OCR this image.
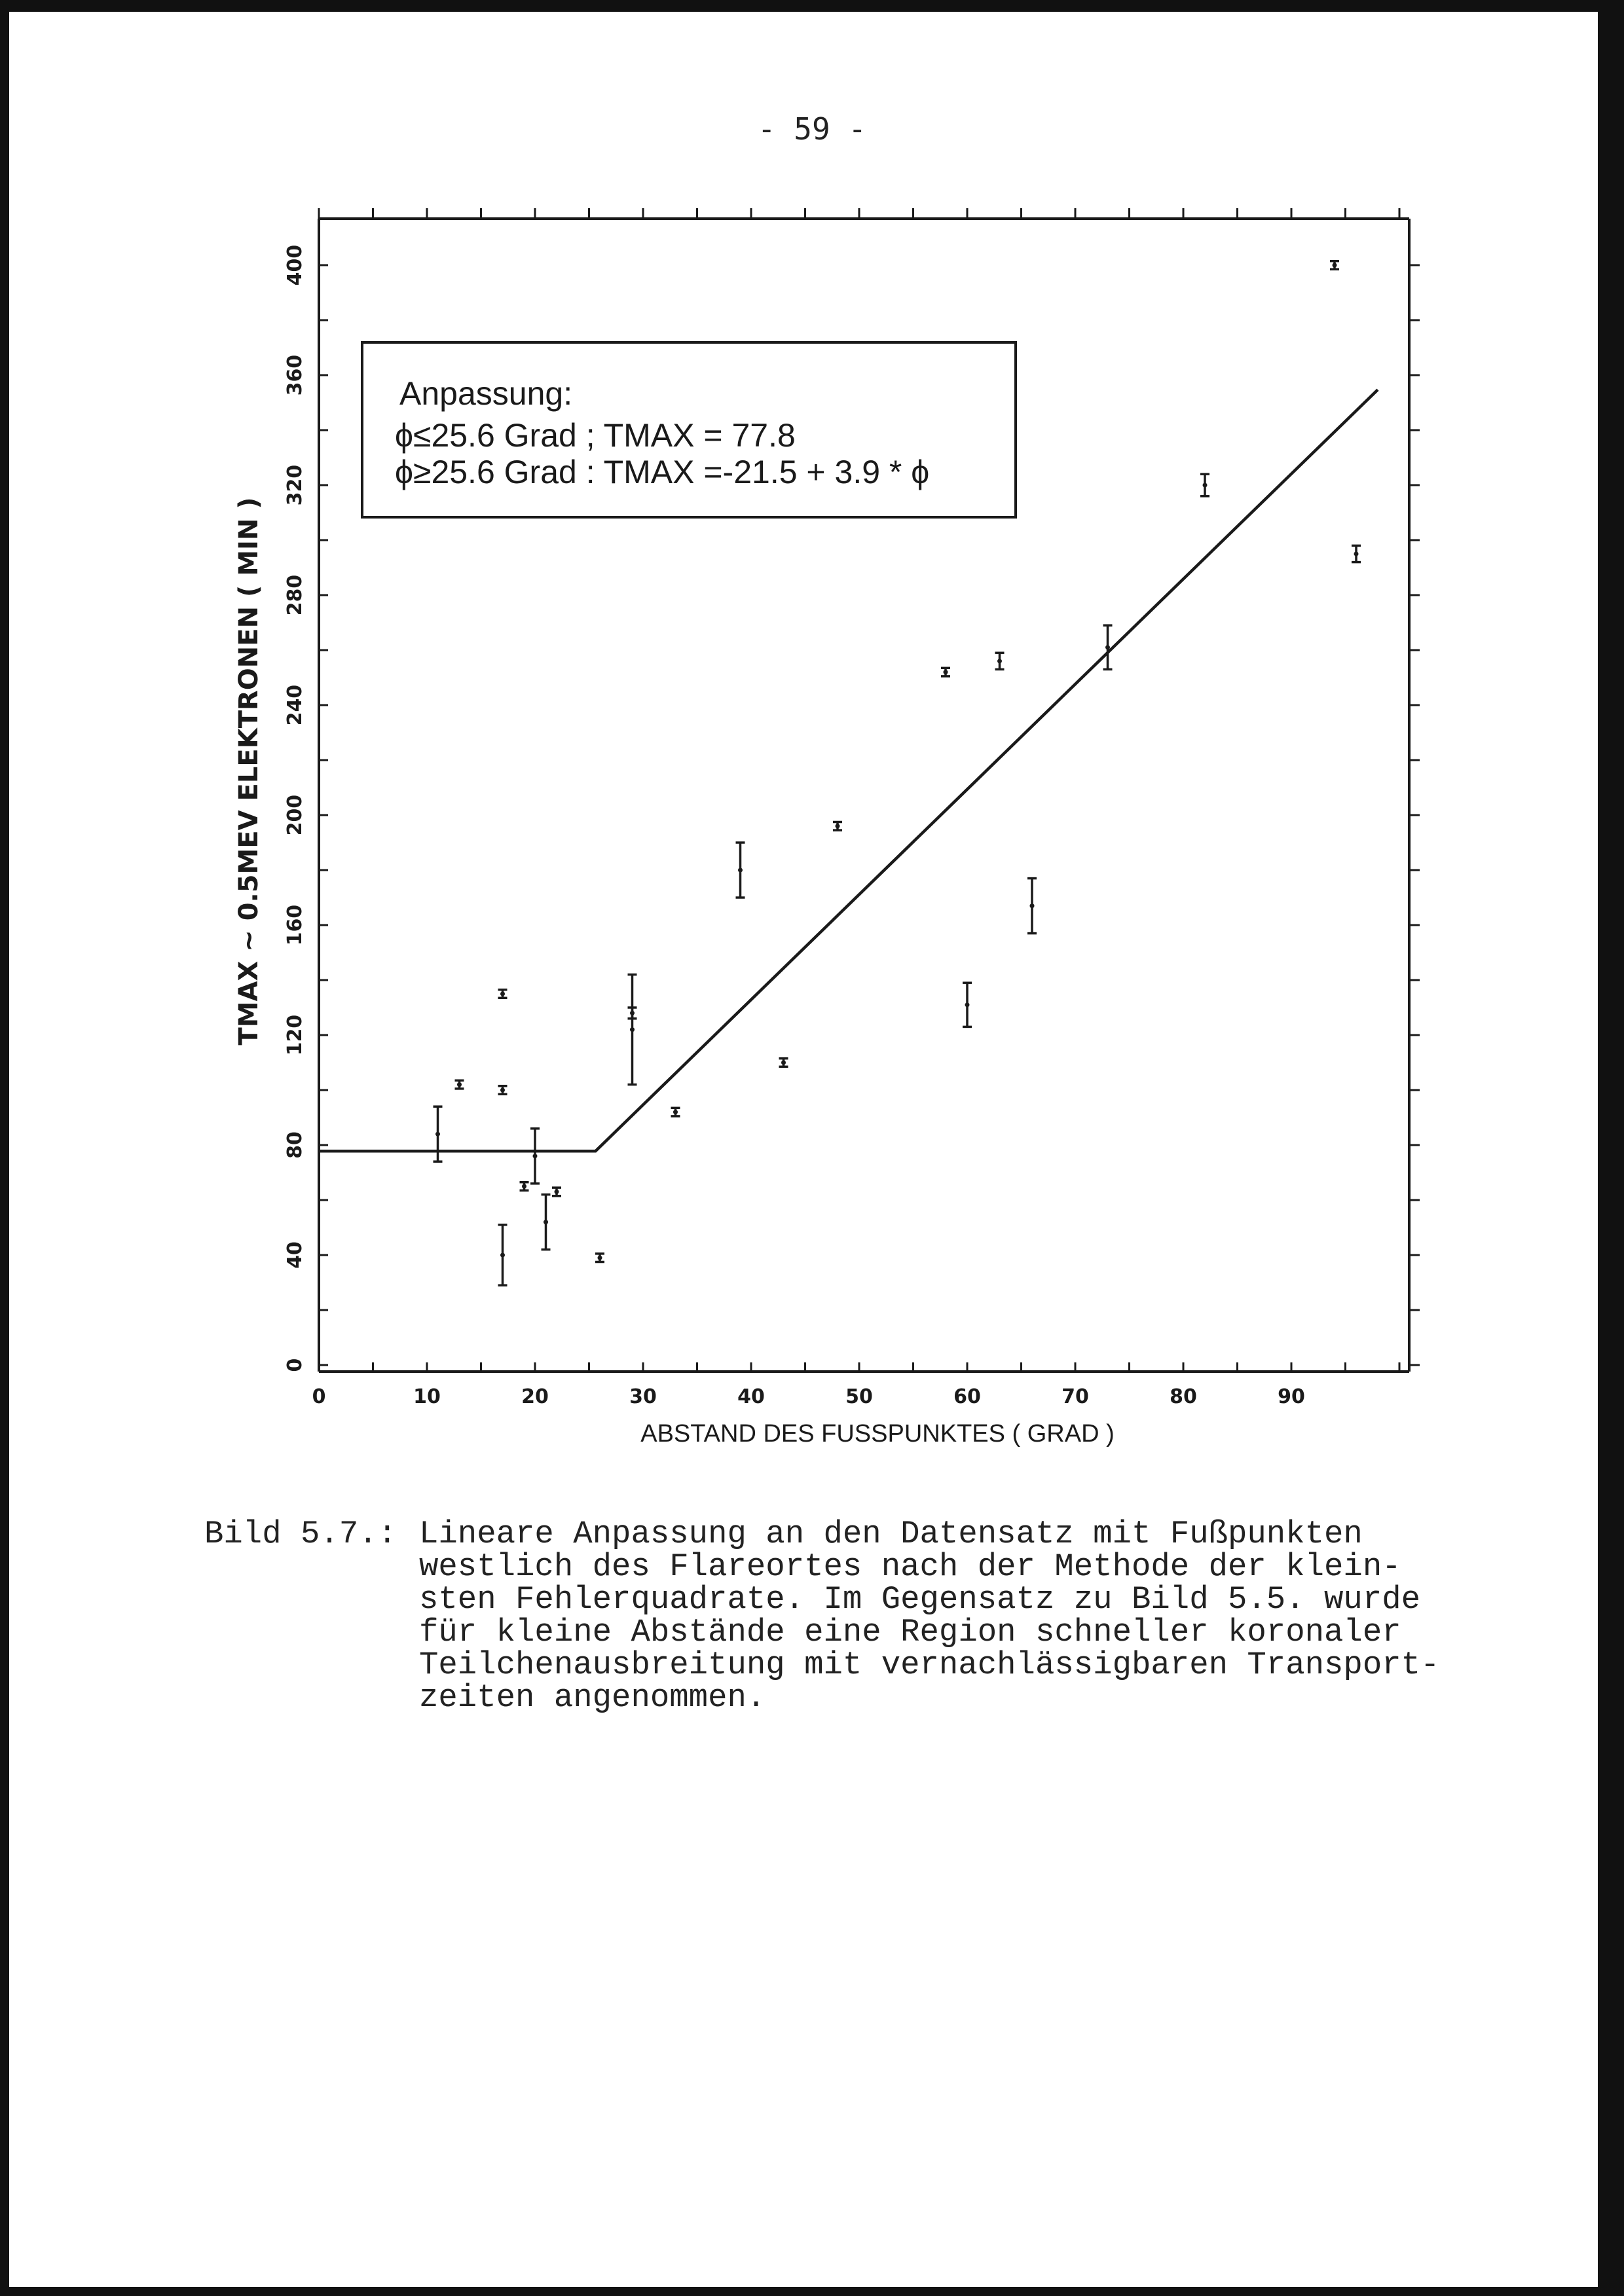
- 59 -
0	10	20	30	40	50	60	70	80	90
0
40
80
120
160
200
240
280
320
360
400
Anpassung:
ϕ≤25.6 Grad ; TMAX = 77.8
ϕ≥25.6 Grad : TMAX =-21.5 + 3.9 * ϕ
ABSTAND DES FUSSPUNKTES ( GRAD )
TMAX ~ 0.5MEV ELEKTRONEN ( MIN )
Bild 5.7.: Lineare Anpassung an den Datensatz mit Fußpunkten
westlich des Flareortes nach der Methode der klein-
sten Fehlerquadrate. Im Gegensatz zu Bild 5.5. wurde
für kleine Abstände eine Region schneller koronaler
Teilchenausbreitung mit vernachlässigbaren Transport-
zeiten angenommen.
